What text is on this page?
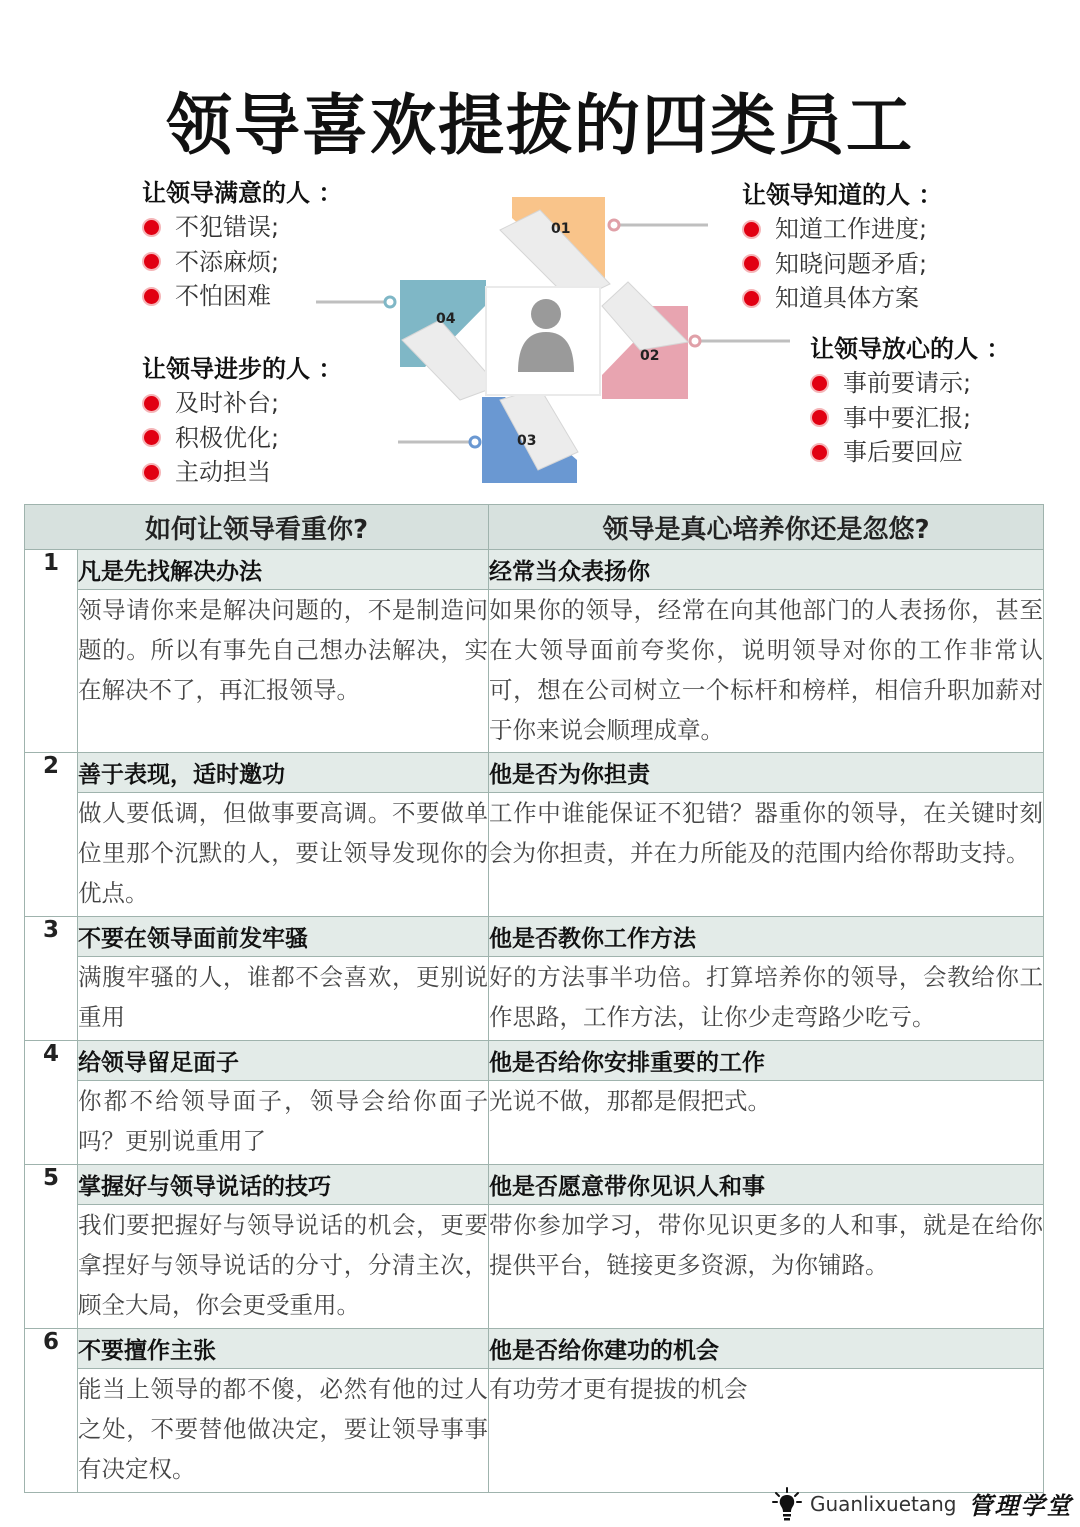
领导喜欢提拔的四类员工
让领导满意的人 ：
不犯错误;
不添麻烦;
不怕困难
让领导进步的人 ：
及时补台;
积极优化;
主动担当
让领导知道的人 ：
知道工作进度;
知晓问题矛盾;
知道具体方案
让领导放心的人 ：
事前要请示;
事中要汇报;
事后要回应
01
02
03
04
如何让领导看重你?		领导是真心培养你还是忽悠?
1	凡是先找解决办法	经常当众表扬你
	领导请你来是解决问题的，不是制造问题的。所以有事先自己想办法解决，实在解决不了，再汇报领导。	如果你的领导，经常在向其他部门的人表扬你，甚至在大领导面前夸奖你，说明领导对你的工作非常认可，想在公司树立一个标杆和榜样，相信升职加薪对于你来说会顺理成章。
2	善于表现，适时邀功	他是否为你担责
	做人要低调，但做事要高调。不要做单位里那个沉默的人，要让领导发现你的优点。	工作中谁能保证不犯错？器重你的领导，在关键时刻会为你担责，并在力所能及的范围内给你帮助支持。
3	不要在领导面前发牢骚	他是否教你工作方法
	满腹牢骚的人，谁都不会喜欢，更别说重用	好的方法事半功倍。打算培养你的领导，会教给你工作思路，工作方法，让你少走弯路少吃亏。
4	给领导留足面子	他是否给你安排重要的工作
	你都不给领导面子，领导会给你面子吗？更别说重用了	光说不做，那都是假把式。
5	掌握好与领导说话的技巧	他是否愿意带你见识人和事
	我们要把握好与领导说话的机会，更要拿捏好与领导说话的分寸，分清主次，顾全大局，你会更受重用。	带你参加学习，带你见识更多的人和事，就是在给你提供平台，链接更多资源，为你铺路。
6	不要擅作主张	他是否给你建功的机会
	能当上领导的都不傻，必然有他的过人之处，不要替他做决定，要让领导事事有决定权。	有功劳才更有提拔的机会
Guanlixuetang 管理学堂
